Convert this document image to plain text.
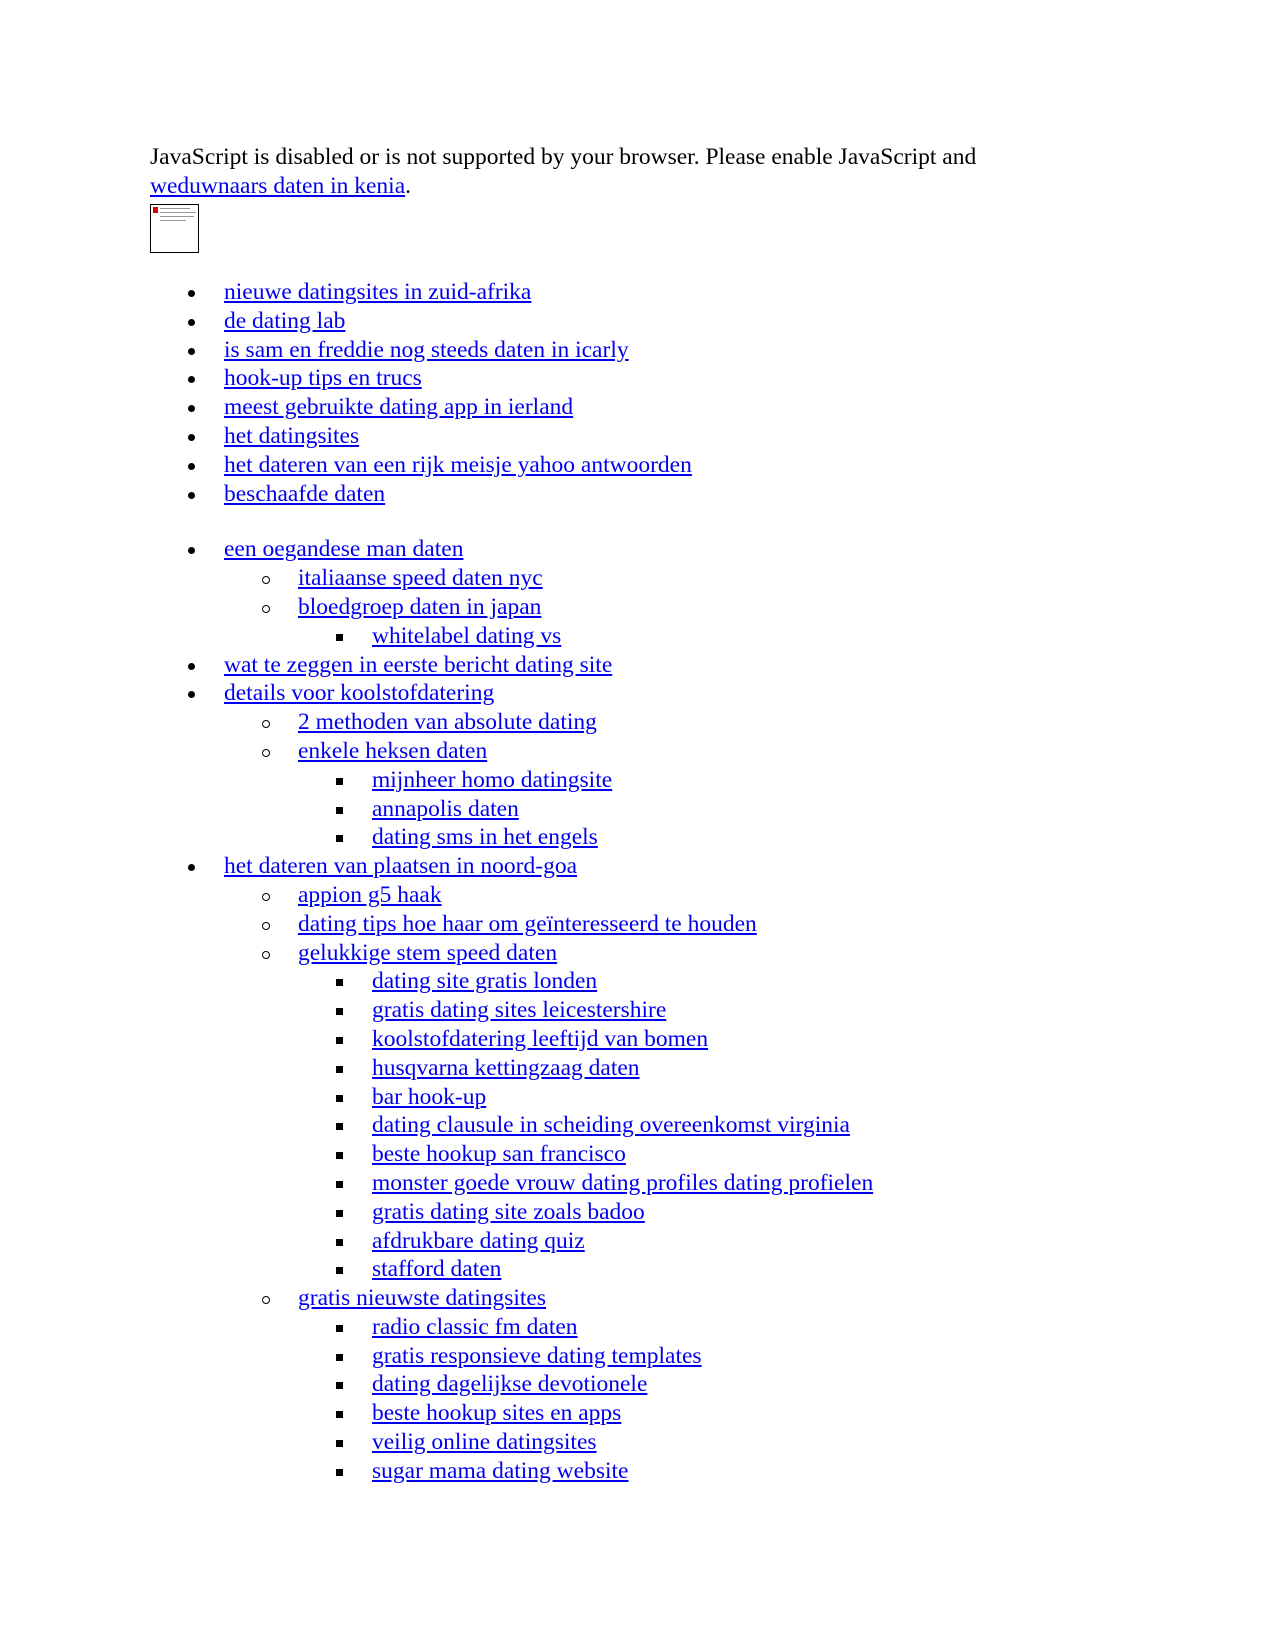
JavaScript is disabled or is not supported by your browser. Please enable JavaScript and
weduwnaars daten in kenia.

nieuwe datingsites in zuid-afrika
de dating lab
is sam en freddie nog steeds daten in icarly
hook-up tips en trucs
meest gebruikte dating app in ierland
het datingsites
het dateren van een rijk meisje yahoo antwoorden
beschaafde daten
een oegandese man daten
italiaanse speed daten nyc
bloedgroep daten in japan
whitelabel dating vs
wat te zeggen in eerste bericht dating site
details voor koolstofdatering
2 methoden van absolute dating
enkele heksen daten
mijnheer homo datingsite
annapolis daten
dating sms in het engels
het dateren van plaatsen in noord-goa
appion g5 haak
dating tips hoe haar om geïnteresseerd te houden
gelukkige stem speed daten
dating site gratis londen
gratis dating sites leicestershire
koolstofdatering leeftijd van bomen
husqvarna kettingzaag daten
bar hook-up
dating clausule in scheiding overeenkomst virginia
beste hookup san francisco
monster goede vrouw dating profiles dating profielen
gratis dating site zoals badoo
afdrukbare dating quiz
stafford daten
gratis nieuwste datingsites
radio classic fm daten
gratis responsieve dating templates
dating dagelijkse devotionele
beste hookup sites en apps
veilig online datingsites
sugar mama dating website
